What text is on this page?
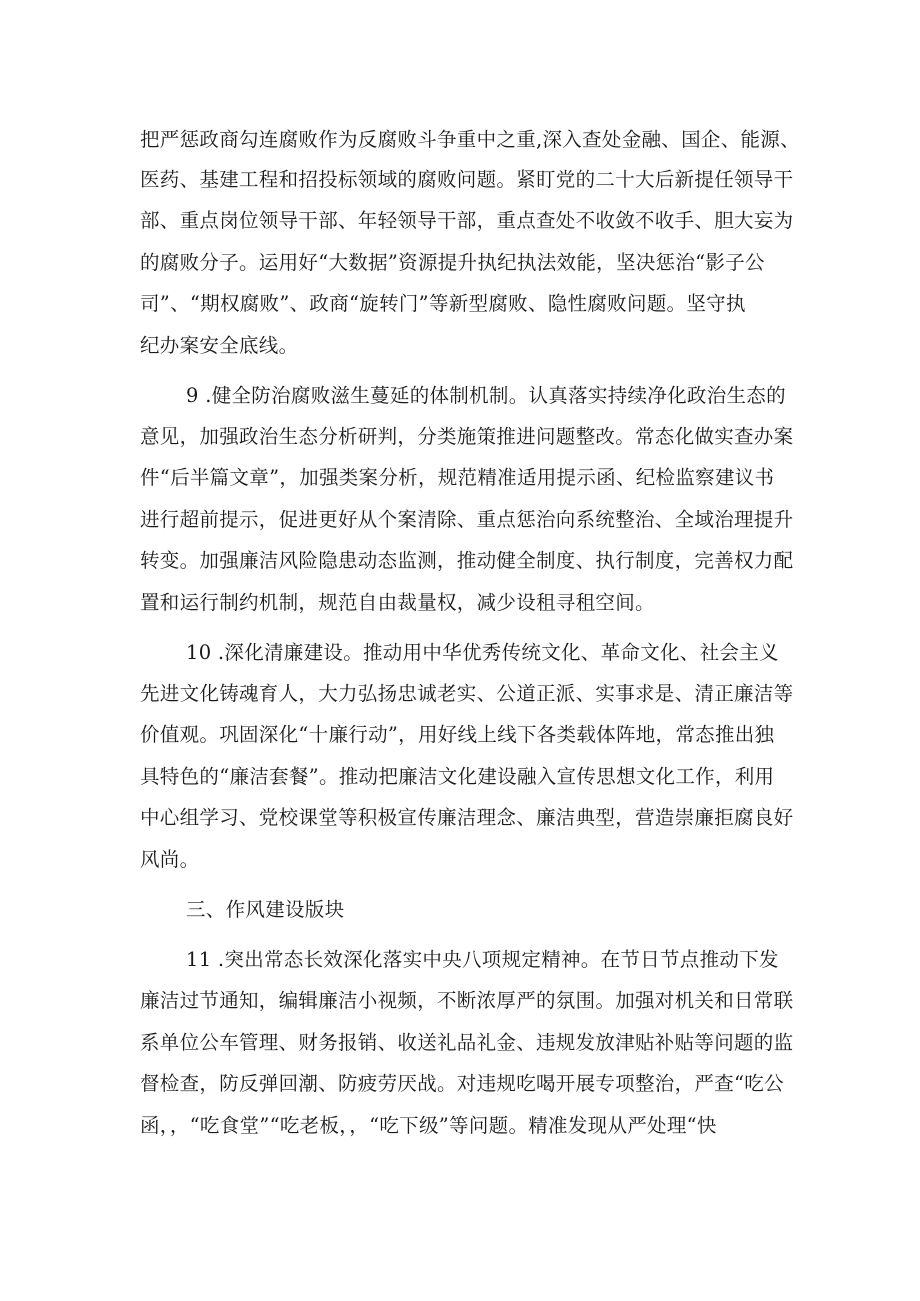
把严惩政商勾连腐败作为反腐败斗争重中之重,深入查处金融、国企、能源、
医药、基建工程和招投标领域的腐败问题。紧盯党的二十大后新提任领导干
部、重点岗位领导干部、年轻领导干部，重点查处不收敛不收手、胆大妄为
的腐败分子。运用好“大数据”资源提升执纪执法效能，坚决惩治“影子公
司”、“期权腐败”、政商“旋转门”等新型腐败、隐性腐败问题。坚守执
纪办案安全底线。
9 .健全防治腐败滋生蔓延的体制机制。认真落实持续净化政治生态的
意见，加强政治生态分析研判，分类施策推进问题整改。常态化做实查办案
件“后半篇文章”，加强类案分析，规范精准适用提示函、纪检监察建议书
进行超前提示，促进更好从个案清除、重点惩治向系统整治、全域治理提升
转变。加强廉洁风险隐患动态监测，推动健全制度、执行制度，完善权力配
置和运行制约机制，规范自由裁量权，减少设租寻租空间。
10 .深化清廉建设。推动用中华优秀传统文化、革命文化、社会主义
先进文化铸魂育人，大力弘扬忠诚老实、公道正派、实事求是、清正廉洁等
价值观。巩固深化“十廉行动”，用好线上线下各类载体阵地，常态推出独
具特色的“廉洁套餐”。推动把廉洁文化建设融入宣传思想文化工作，利用
中心组学习、党校课堂等积极宣传廉洁理念、廉洁典型，营造崇廉拒腐良好
风尚。
三、作风建设版块
11 .突出常态长效深化落实中央八项规定精神。在节日节点推动下发
廉洁过节通知，编辑廉洁小视频，不断浓厚严的氛围。加强对机关和日常联
系单位公车管理、财务报销、收送礼品礼金、违规发放津贴补贴等问题的监
督检查，防反弹回潮、防疲劳厌战。对违规吃喝开展专项整治，严查“吃公
函，，“吃食堂”“吃老板，，“吃下级”等问题。精准发现从严处理“快
